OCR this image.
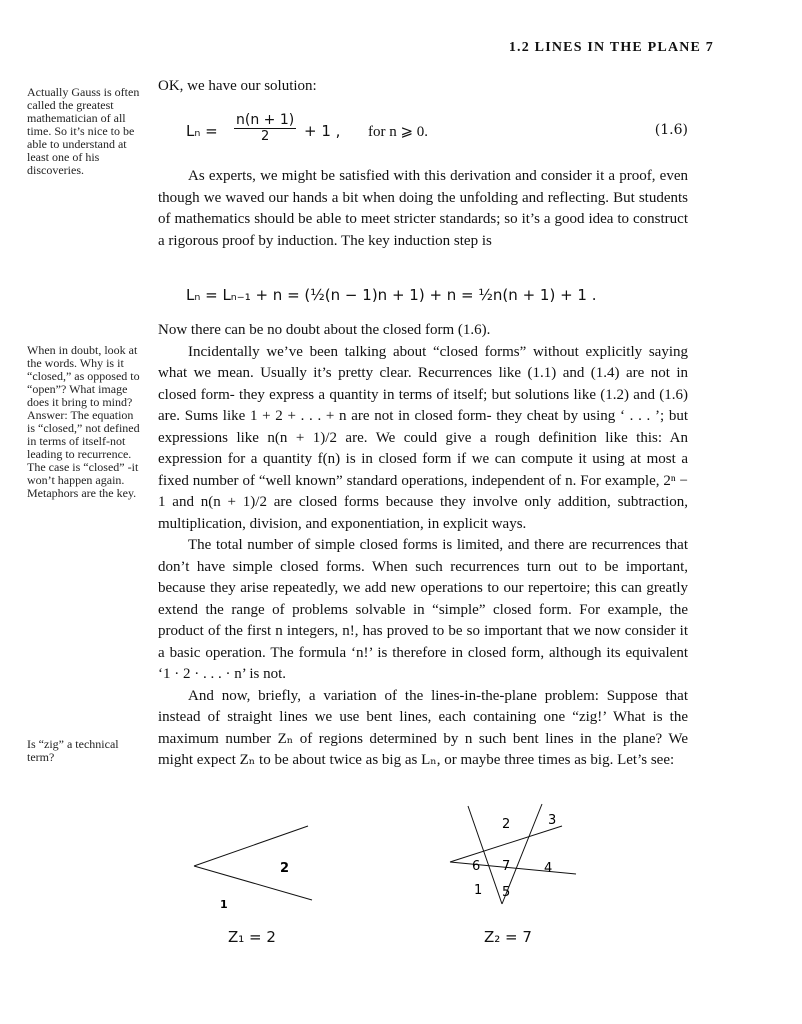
1.2 LINES IN THE PLANE 7
Actually Gauss is often called the greatest mathematician of all time. So it’s nice to be able to understand at least one of his discoveries.
When in doubt, look at the words. Why is it “closed,” as opposed to “open”? What image does it bring to mind? Answer: The equation is “closed,” not defined in terms of itself-not leading to recurrence. The case is “closed” -it won’t happen again. Metaphors are the key.
Is “zig” a technical term?

OK, we have our solution:

$L_n = \frac{n(n + 1)}{2} + 1$ , for n ⩾ 0.	(1.6)

As experts, we might be satisfied with this derivation and consider it a proof, even though we waved our hands a bit when doing the unfolding and reflecting. But students of mathematics should be able to meet stricter standards; so it’s a good idea to construct a rigorous proof by induction. The key induction step is

Lₙ = Lₙ₋₁ + n = (½(n − 1)n + 1) + n = ½n(n + 1) + 1 .

Now there can be no doubt about the closed form (1.6).

Incidentally we’ve been talking about “closed forms” without explicitly saying what we mean. Usually it’s pretty clear. Recurrences like (1.1) and (1.4) are not in closed form- they express a quantity in terms of itself; but solutions like (1.2) and (1.6) are. Sums like 1 + 2 + . . . + n are not in closed form- they cheat by using ‘ . . . ’; but expressions like n(n + 1)/2 are. We could give a rough definition like this: An expression for a quantity f(n) is in closed form if we can compute it using at most a fixed number of “well known” standard operations, independent of n. For example, 2ⁿ − 1 and n(n + 1)/2 are closed forms because they involve only addition, subtraction, multiplication, division, and exponentiation, in explicit ways.

The total number of simple closed forms is limited, and there are recurrences that don’t have simple closed forms. When such recurrences turn out to be important, because they arise repeatedly, we add new operations to our repertoire; this can greatly extend the range of problems solvable in “simple” closed form. For example, the product of the first n integers, n!, has proved to be so important that we now consider it a basic operation. The formula ‘n!’ is therefore in closed form, although its equivalent ‘1 · 2 · . . . · n’ is not.

And now, briefly, a variation of the lines-in-the-plane problem: Suppose that instead of straight lines we use bent lines, each containing one “zig!’ What is the maximum number Zₙ of regions determined by n such bent lines in the plane? We might expect Zₙ to be about twice as big as Lₙ, or maybe three times as big. Let’s see:

2
1
Z₁ = 2
2	3
6 7	4
1 5
Z₂ = 7
